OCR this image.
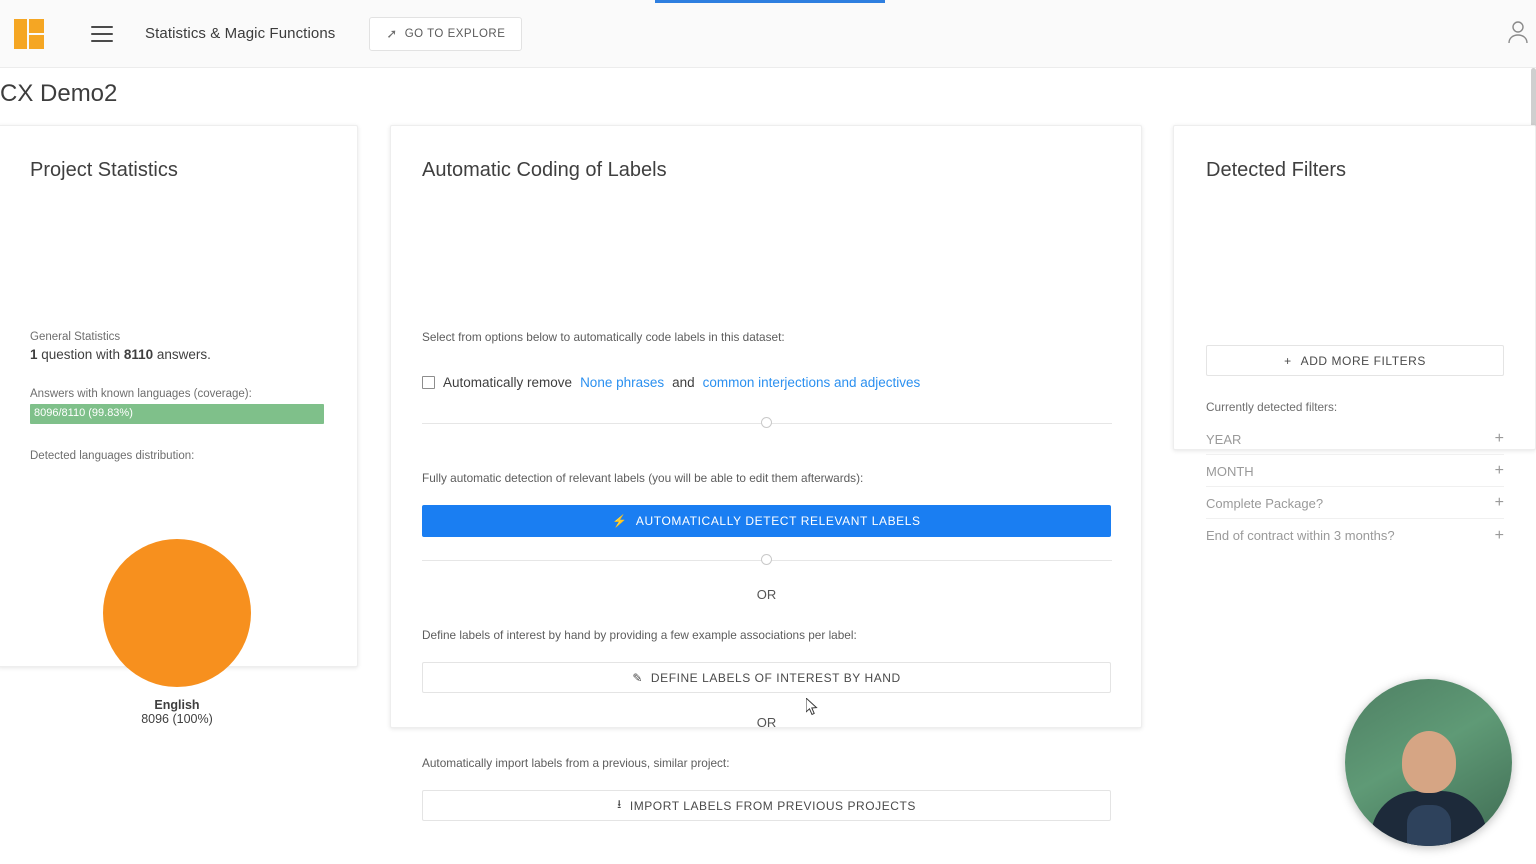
Statistics & Magic Functions	➚ GO TO EXPLORE
CX Demo2
Project Statistics
General Statistics
1 question with 8110 answers.
Answers with known languages (coverage):
8096/8110 (99.83%)
Detected languages distribution:
English
8096 (100%)
Automatic Coding of Labels
Select from options below to automatically code labels in this dataset:
Automatically remove None phrases and common interjections and adjectives
Fully automatic detection of relevant labels (you will be able to edit them afterwards):
⚡ AUTOMATICALLY DETECT RELEVANT LABELS
OR
Define labels of interest by hand by providing a few example associations per label:
✎ DEFINE LABELS OF INTEREST BY HAND
OR
Automatically import labels from a previous, similar project:
⭳ IMPORT LABELS FROM PREVIOUS PROJECTS
Detected Filters
+ ADD MORE FILTERS
Currently detected filters:
YEAR	+
MONTH	+
Complete Package?	+
End of contract within 3 months?	+
